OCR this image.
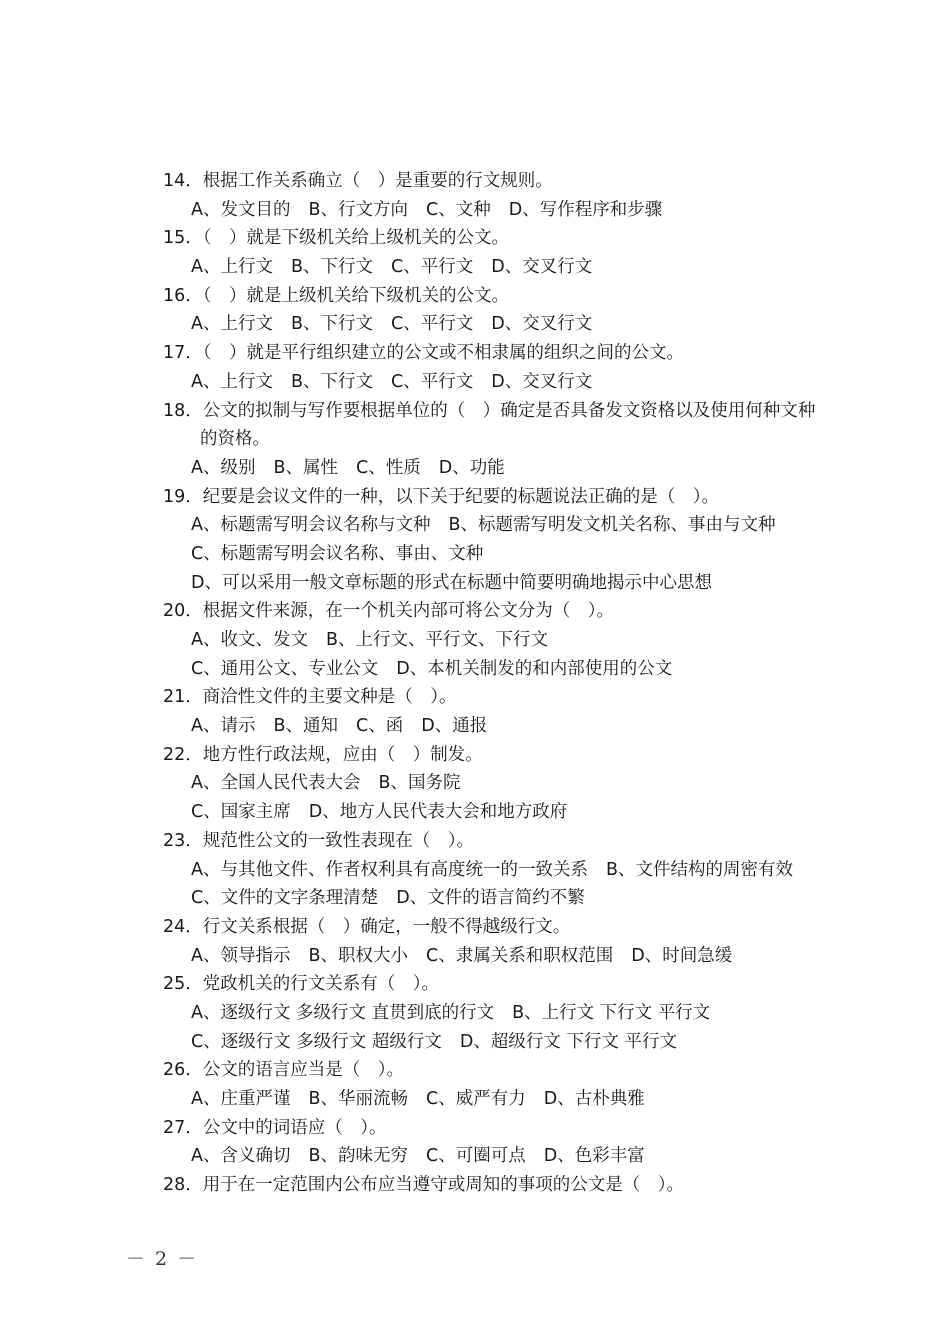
14．根据工作关系确立（　）是重要的行文规则。
A、发文目的 B、行文方向 C、文种 D、写作程序和步骤
15．（　）就是下级机关给上级机关的公文。
A、上行文 B、下行文 C、平行文 D、交叉行文
16．（　）就是上级机关给下级机关的公文。
A、上行文 B、下行文 C、平行文 D、交叉行文
17．（　）就是平行组织建立的公文或不相隶属的组织之间的公文。
A、上行文 B、下行文 C、平行文 D、交叉行文
18．公文的拟制与写作要根据单位的（　）确定是否具备发文资格以及使用何种文种
的资格。
A、级别 B、属性 C、性质 D、功能
19．纪要是会议文件的一种，以下关于纪要的标题说法正确的是（　）。
A、标题需写明会议名称与文种 B、标题需写明发文机关名称、事由与文种
C、标题需写明会议名称、事由、文种
D、可以采用一般文章标题的形式在标题中简要明确地揭示中心思想
20．根据文件来源，在一个机关内部可将公文分为（　）。
A、收文、发文 B、上行文、平行文、下行文
C、通用公文、专业公文 D、本机关制发的和内部使用的公文
21．商洽性文件的主要文种是（　）。
A、请示 B、通知 C、函 D、通报
22．地方性行政法规，应由（　）制发。
A、全国人民代表大会 B、国务院
C、国家主席 D、地方人民代表大会和地方政府
23．规范性公文的一致性表现在（　）。
A、与其他文件、作者权利具有高度统一的一致关系 B、文件结构的周密有效
C、文件的文字条理清楚 D、文件的语言简约不繁
24．行文关系根据（　）确定，一般不得越级行文。
A、领导指示 B、职权大小 C、隶属关系和职权范围 D、时间急缓
25．党政机关的行文关系有（　）。
A、逐级行文 多级行文 直贯到底的行文 B、上行文 下行文 平行文
C、逐级行文 多级行文 超级行文 D、超级行文 下行文 平行文
26．公文的语言应当是（　）。
A、庄重严谨 B、华丽流畅 C、威严有力 D、古朴典雅
27．公文中的词语应（　）。
A、含义确切 B、韵味无穷 C、可圈可点 D、色彩丰富
28．用于在一定范围内公布应当遵守或周知的事项的公文是（　）。
－ 2 －
